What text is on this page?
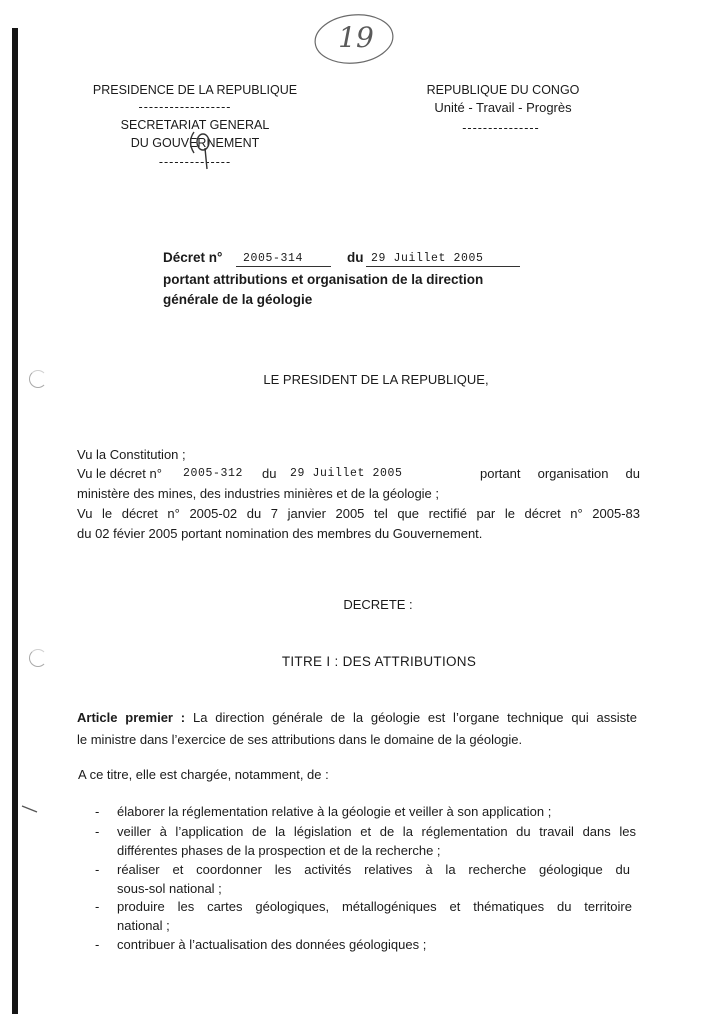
19
PRESIDENCE DE LA REPUBLIQUE
------------------
SECRETARIAT GENERAL
DU GOUVERNEMENT
--------------
REPUBLIQUE DU CONGO
Unité - Travail - Progrès
---------------
Décret n° 2005-314	du 29 Juillet 2005
portant attributions et organisation de la direction
générale de la géologie
LE PRESIDENT DE LA REPUBLIQUE,
Vu la Constitution ;
Vu le décret n° 2005-312 du 29 Juillet 2005	portant organisation du
ministère des mines, des industries minières et de la géologie ;
Vu le décret n° 2005-02 du 7 janvier 2005 tel que rectifié par le décret n° 2005-83
du 02 févier 2005 portant nomination des membres du Gouvernement.
DECRETE :
TITRE I : DES ATTRIBUTIONS
Article premier : La direction générale de la géologie est l’organe technique qui assiste
le ministre dans l’exercice de ses attributions dans le domaine de la géologie.
A ce titre, elle est chargée, notamment, de :
- élaborer la réglementation relative à la géologie et veiller à son application ;
- veiller à l’application de la législation et de la réglementation du travail dans les
différentes phases de la prospection et de la recherche ;
- réaliser et coordonner les activités relatives à la recherche géologique du
sous-sol national ;
- produire les cartes géologiques, métallogéniques et thématiques du territoire
national ;
- contribuer à l’actualisation des données géologiques ;
